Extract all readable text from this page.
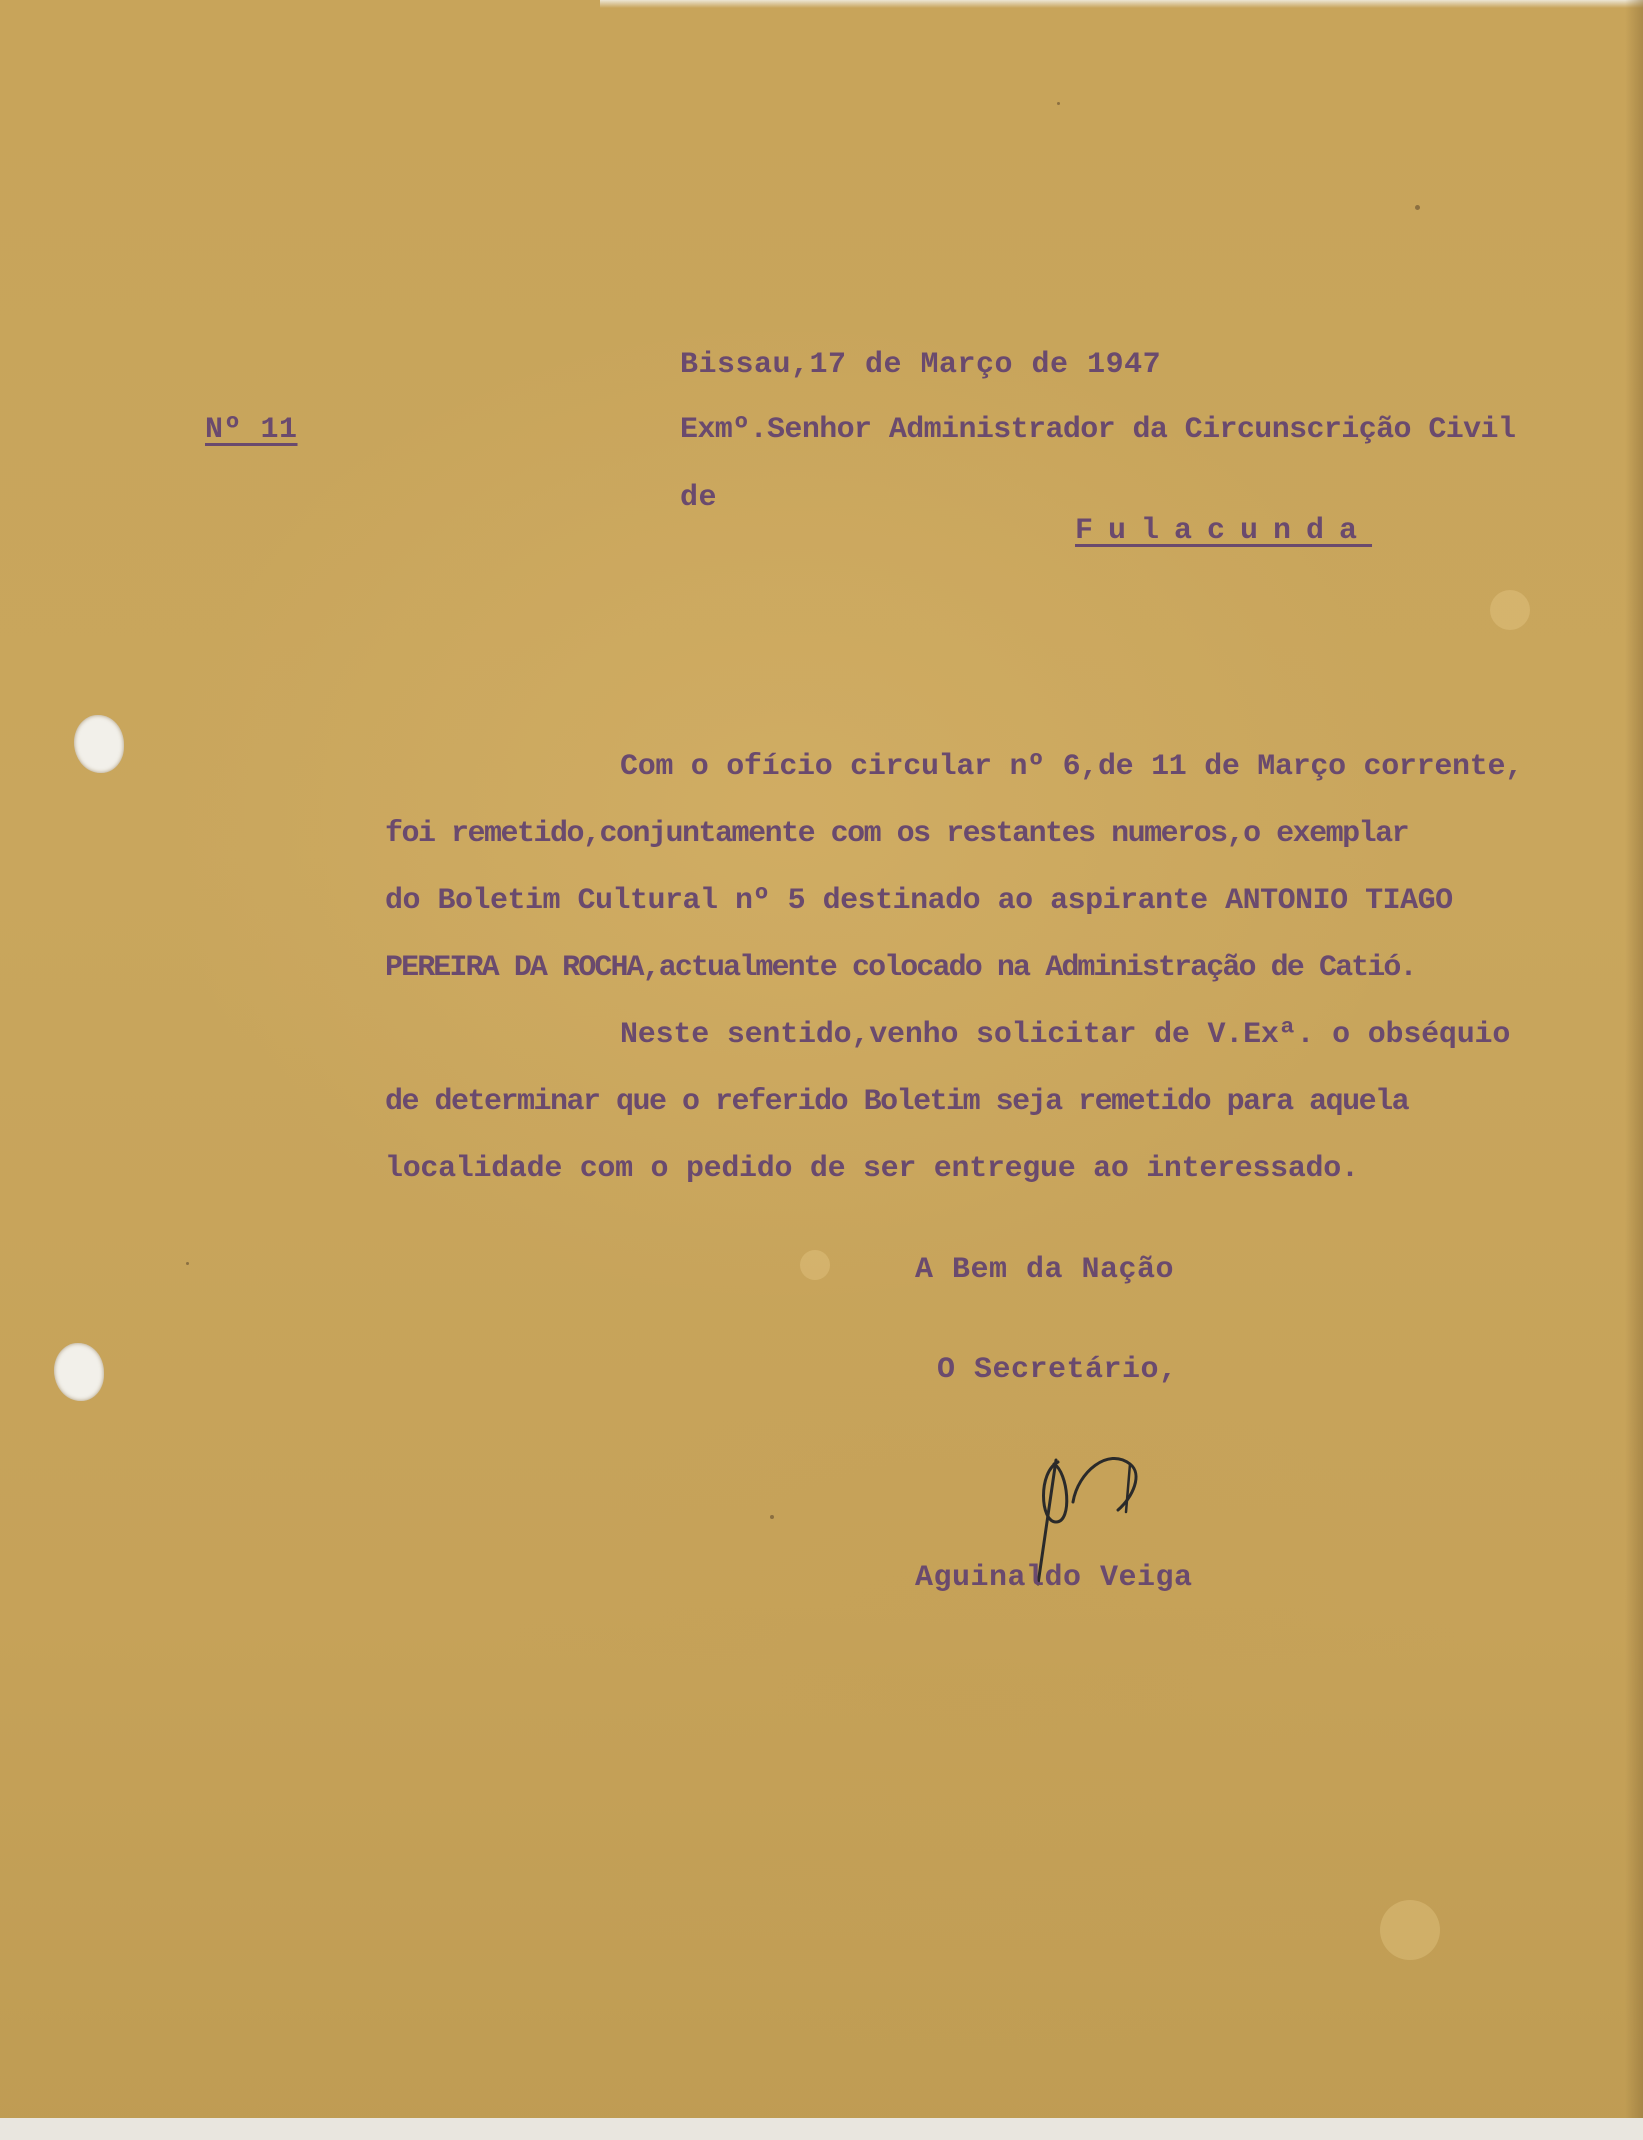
Bissau,17 de Março de 1947
Nº 11	Exmº.Senhor Administrador da Circunscrição Civil
de
Fulacunda
Com o ofício circular nº 6,de 11 de Março corrente,
foi remetido,conjuntamente com os restantes numeros,o exemplar
do Boletim Cultural nº 5 destinado ao aspirante ANTONIO TIAGO
PEREIRA DA ROCHA,actualmente colocado na Administração de Catió.
Neste sentido,venho solicitar de V.Exª. o obséquio
de determinar que o referido Boletim seja remetido para aquela
localidade com o pedido de ser entregue ao interessado.
A Bem da Nação
O Secretário,
Aguinaldo Veiga
